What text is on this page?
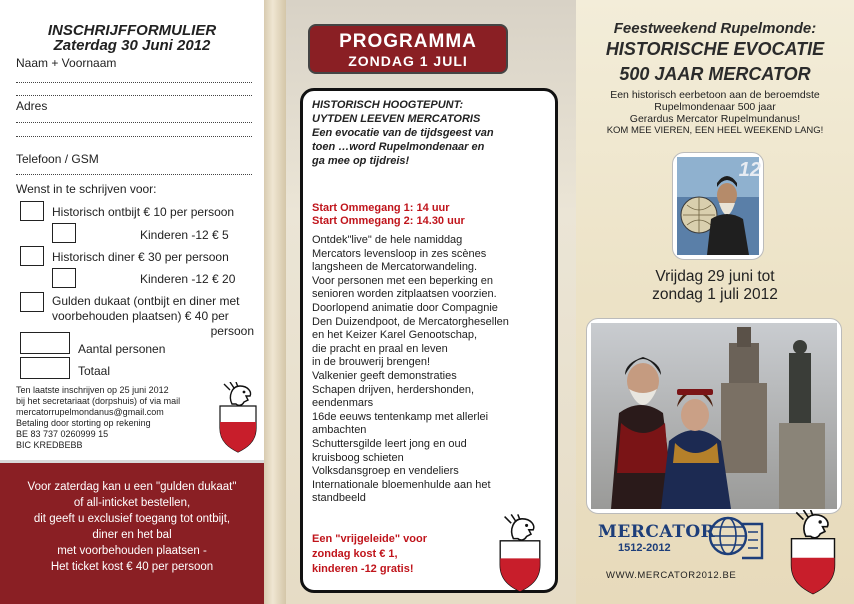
INSCHRIJFFORMULIER
Zaterdag 30 Juni 2012
Naam + Voornaam
Adres
Telefoon / GSM
Wenst in te schrijven voor:
Historisch ontbijt € 10 per persoon
Kinderen -12 € 5
Historisch diner € 30 per persoon
Kinderen -12 € 20
Gulden dukaat (ontbijt en diner met
voorbehouden plaatsen) € 40 per
persoon
Aantal personen
Totaal
Ten laatste inschrijven op 25 juni 2012
bij het secretariaat (dorpshuis) of via mail
mercatorrupelmondanus@gmail.com
Betaling door storting op rekening
BE 83 737 0260999 15
BIC KREDBEBB
Voor zaterdag kan u een "gulden dukaat"
of all-inticket bestellen,
dit geeft u exclusief toegang tot ontbijt,
diner en het bal
met voorbehouden plaatsen -
Het ticket kost € 40 per persoon
PROGRAMMA
ZONDAG 1 JULI
HISTORISCH HOOGTEPUNT:
UYTDEN LEEVEN MERCATORIS
Een evocatie van de tijdsgeest van
toen …word Rupelmondenaar en
ga mee op tijdreis!
Start Ommegang 1: 14 uur
Start Ommegang 2: 14.30 uur
Ontdek"live" de hele namiddag
Mercators levensloop in zes scènes
langsheen de Mercatorwandeling.
Voor personen met een beperking en
senioren worden zitplaatsen voorzien.
Doorlopend animatie door Compagnie
Den Duizendpoot, de Mercatorghesellen
en het Keizer Karel Genootschap,
die pracht en praal en leven
in de brouwerij brengen!
Valkenier geeft demonstraties
Schapen drijven, herdershonden,
eendenmars
16de eeuws tentenkamp met allerlei
ambachten
Schuttersgilde leert jong en oud
kruisboog schieten
Volksdansgroep en vendeliers
Internationale bloemenhulde aan het
standbeeld
Een "vrijgeleide" voor
zondag kost € 1,
kinderen -12 gratis!
Feestweekend Rupelmonde:
HISTORISCHE EVOCATIE
500 JAAR MERCATOR
Een historisch eerbetoon aan de beroemdste
Rupelmondenaar 500 jaar
Gerardus Mercator Rupelmundanus!
KOM MEE VIEREN, EEN HEEL WEEKEND LANG!
12
Vrijdag 29 juni tot
zondag 1 juli 2012
MERCATOR
1512-2012
WWW.MERCATOR2012.BE
